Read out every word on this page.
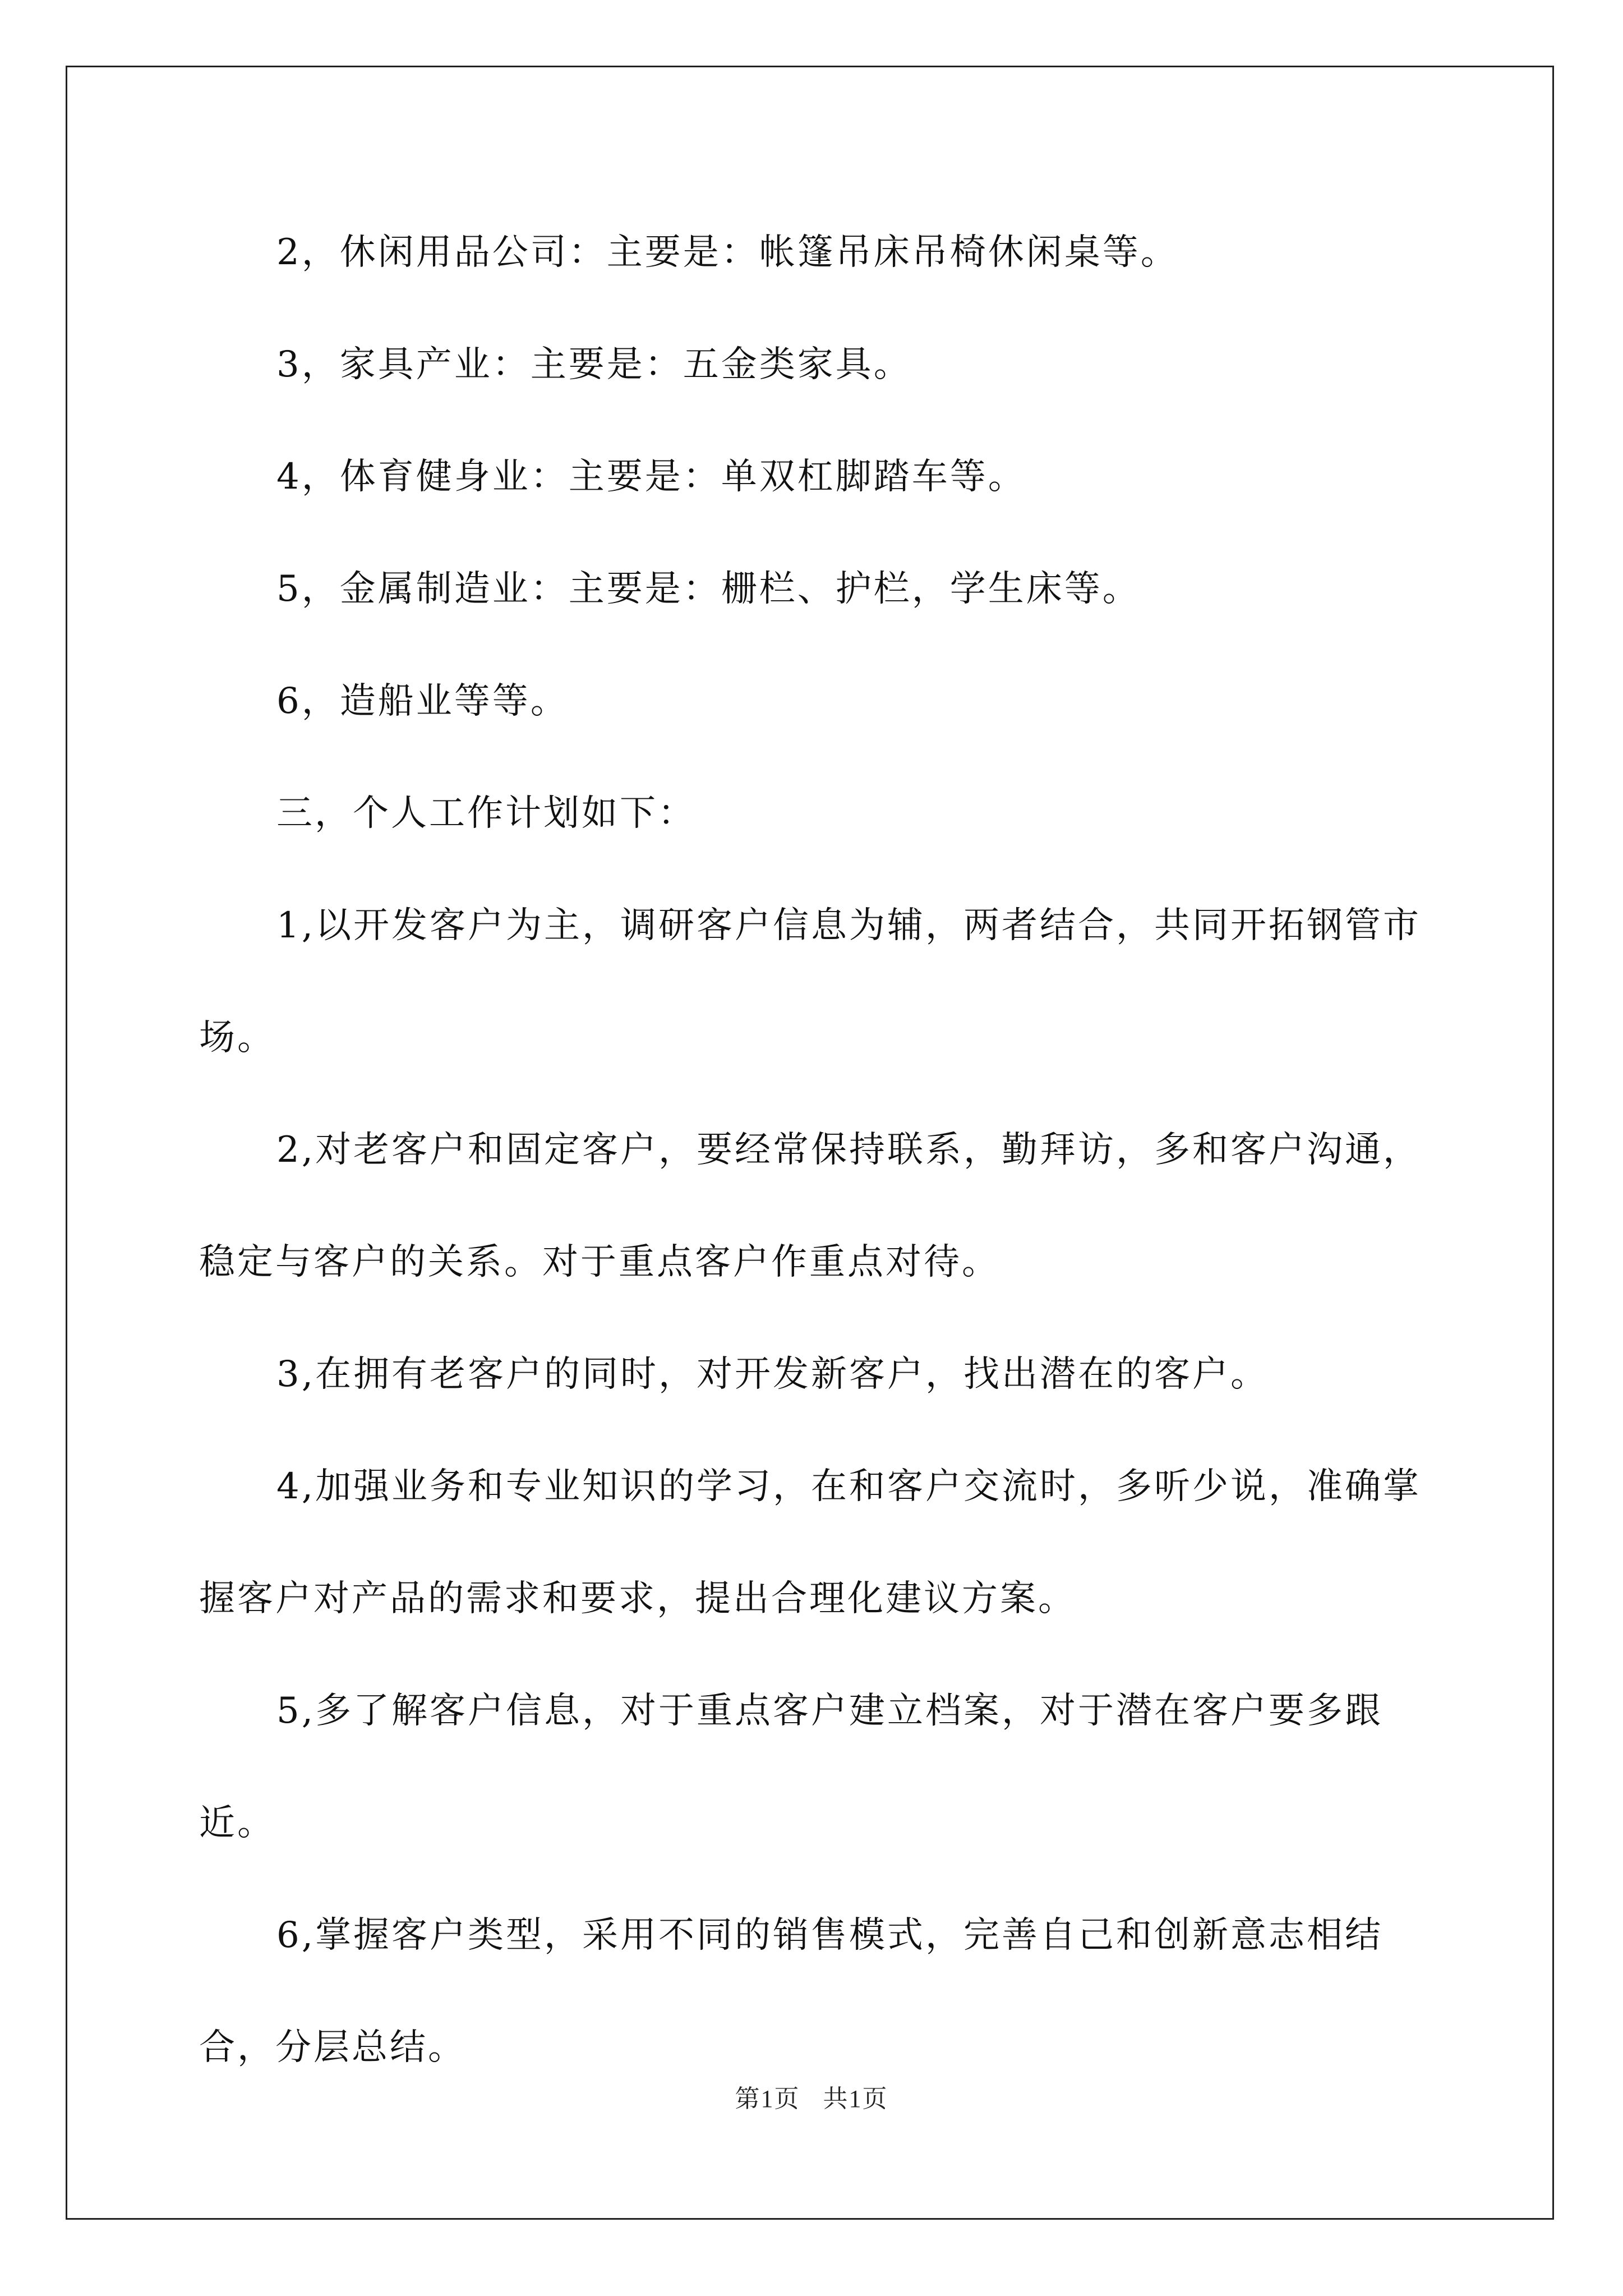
2，休闲用品公司：主要是：帐篷吊床吊椅休闲桌等。

3，家具产业：主要是：五金类家具。

4，体育健身业：主要是：单双杠脚踏车等。

5，金属制造业：主要是：栅栏、护栏，学生床等。

6，造船业等等。

三，个人工作计划如下：

1,以开发客户为主，调研客户信息为辅，两者结合，共同开拓钢管市场。

2,对老客户和固定客户，要经常保持联系，勤拜访，多和客户沟通，稳定与客户的关系。对于重点客户作重点对待。

3,在拥有老客户的同时，对开发新客户，找出潜在的客户。

4,加强业务和专业知识的学习，在和客户交流时，多听少说，准确掌握客户对产品的需求和要求，提出合理化建议方案。

5,多了解客户信息，对于重点客户建立档案，对于潜在客户要多跟近。

6,掌握客户类型，采用不同的销售模式，完善自己和创新意志相结合，分层总结。

第1页 共1页
